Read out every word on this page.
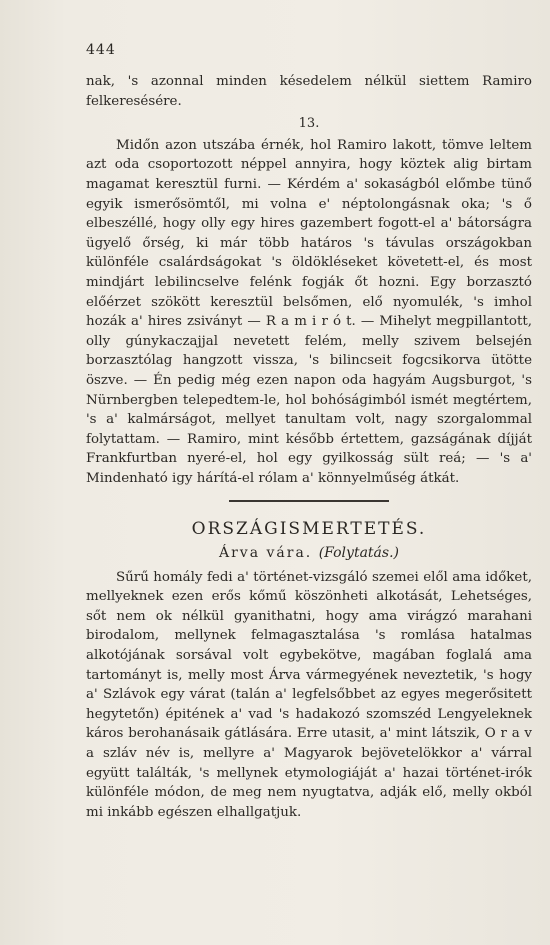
444

nak, 's azonnal minden késedelem nélkül siettem Ramiro felkeresésére.

13.

Midőn azon utszába érnék, hol Ramiro lakott, tömve leltem azt oda csoportozott néppel annyira, hogy köztek alig birtam magamat keresztül furni. — Kérdém a' sokaságból előmbe tünő egyik ismerősömtől, mi volna e' néptolongásnak oka; 's ő elbeszéllé, hogy olly egy hires gazembert fogott-el a' bátorságra ügyelő őrség, ki már több határos 's távulas országokban különféle csalárdságokat 's öldökléseket követett-el, és most mindjárt lebilincselve felénk fogják őt hozni. Egy borzasztó előérzet szökött keresztül belsőmen, elő nyomulék, 's imhol hozák a' hires zsiványt — R a m i r ó t. — Mihelyt megpillantott, olly gúnykaczajjal nevetett felém, melly szivem belsején borzasztólag hangzott vissza, 's bilincseit fogcsikorva ütötte öszve. — Én pedig még ezen napon oda hagyám Augsburgot, 's Nürnbergben telepedtem-le, hol bohóságimból ismét megtértem, 's a' kalmárságot, mellyet tanultam volt, nagy szorgalommal folytattam. — Ramiro, mint később értettem, gazságának díjját Frankfurtban nyeré-el, hol egy gyilkosság sült reá; — 's a' Mindenható igy hárítá-el rólam a' könnyelműség átkát.

ORSZÁGISMERTETÉS.
Árva vára. (Folytatás.)

Sűrű homály fedi a' történet-vizsgáló szemei elől ama időket, mellyeknek ezen erős kőmű köszönheti alkotását, Lehetséges, sőt nem ok nélkül gyanithatni, hogy ama virágzó marahani birodalom, mellynek felmagasztalása 's romlása hatalmas alkotójának sorsával volt egybekötve, magában foglalá ama tartományt is, melly most Árva vármegyének neveztetik, 's hogy a' Szlávok egy várat (talán a' legfelsőbbet az egyes megerősitett hegytetőn) épitének a' vad 's hadakozó szomszéd Lengyeleknek káros berohanásaik gátlására. Erre utasit, a' mint látszik, O r a v a szláv név is, mellyre a' Magyarok bejövetelökkor a' várral együtt találták, 's mellynek etymologiáját a' hazai történet-irók különféle módon, de meg nem nyugtatva, adják elő, melly okból mi inkább egészen elhallgatjuk.
